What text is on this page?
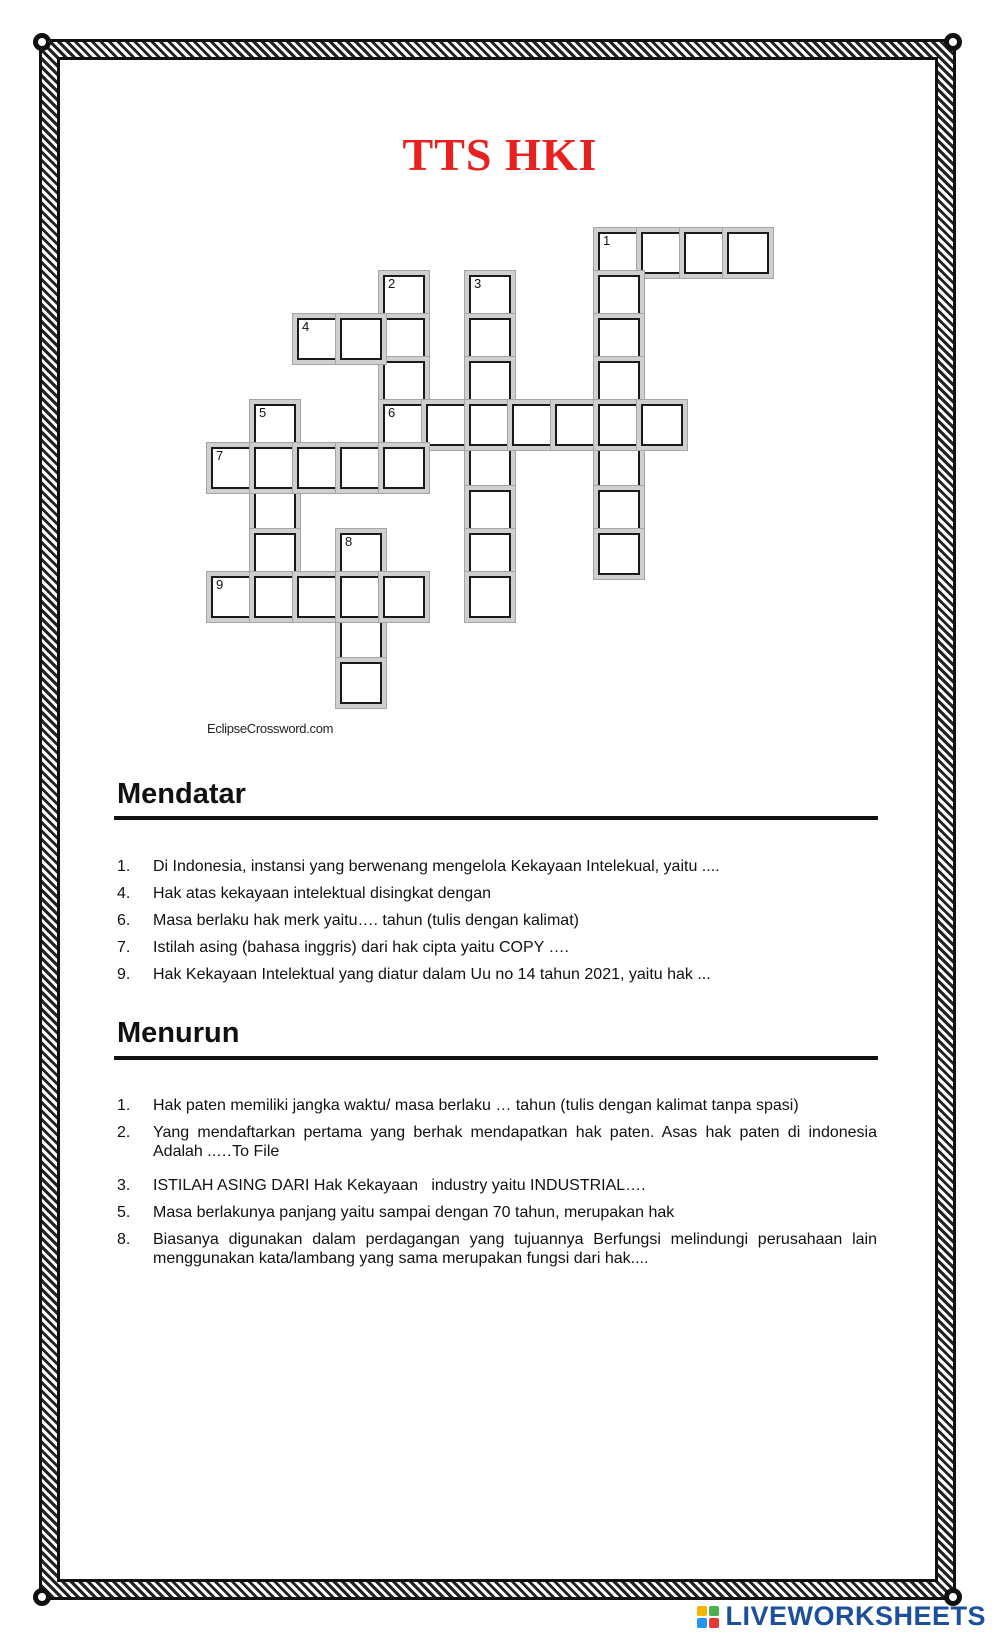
TTS HKI
1
2	3
4
6
5
7
8
9
EclipseCrossword.com
Mendatar
1. Di Indonesia, instansi yang berwenang mengelola Kekayaan Intelekual, yaitu ....
4. Hak atas kekayaan intelektual disingkat dengan
6. Masa berlaku hak merk yaitu…. tahun (tulis dengan kalimat)
7. Istilah asing (bahasa inggris) dari hak cipta yaitu COPY ….
9. Hak Kekayaan Intelektual yang diatur dalam Uu no 14 tahun 2021, yaitu hak ...
Menurun
1. Hak paten memiliki jangka waktu/ masa berlaku … tahun (tulis dengan kalimat tanpa spasi)
2. Yang mendaftarkan pertama yang berhak mendapatkan hak paten. Asas hak paten di indonesia Adalah ..…To File
3. ISTILAH ASING DARI Hak Kekayaan   industry yaitu INDUSTRIAL….
5. Masa berlakunya panjang yaitu sampai dengan 70 tahun, merupakan hak
8. Biasanya digunakan dalam perdagangan yang tujuannya Berfungsi melindungi perusahaan lain menggunakan kata/lambang yang sama merupakan fungsi dari hak....
LIVEWORKSHEETS
